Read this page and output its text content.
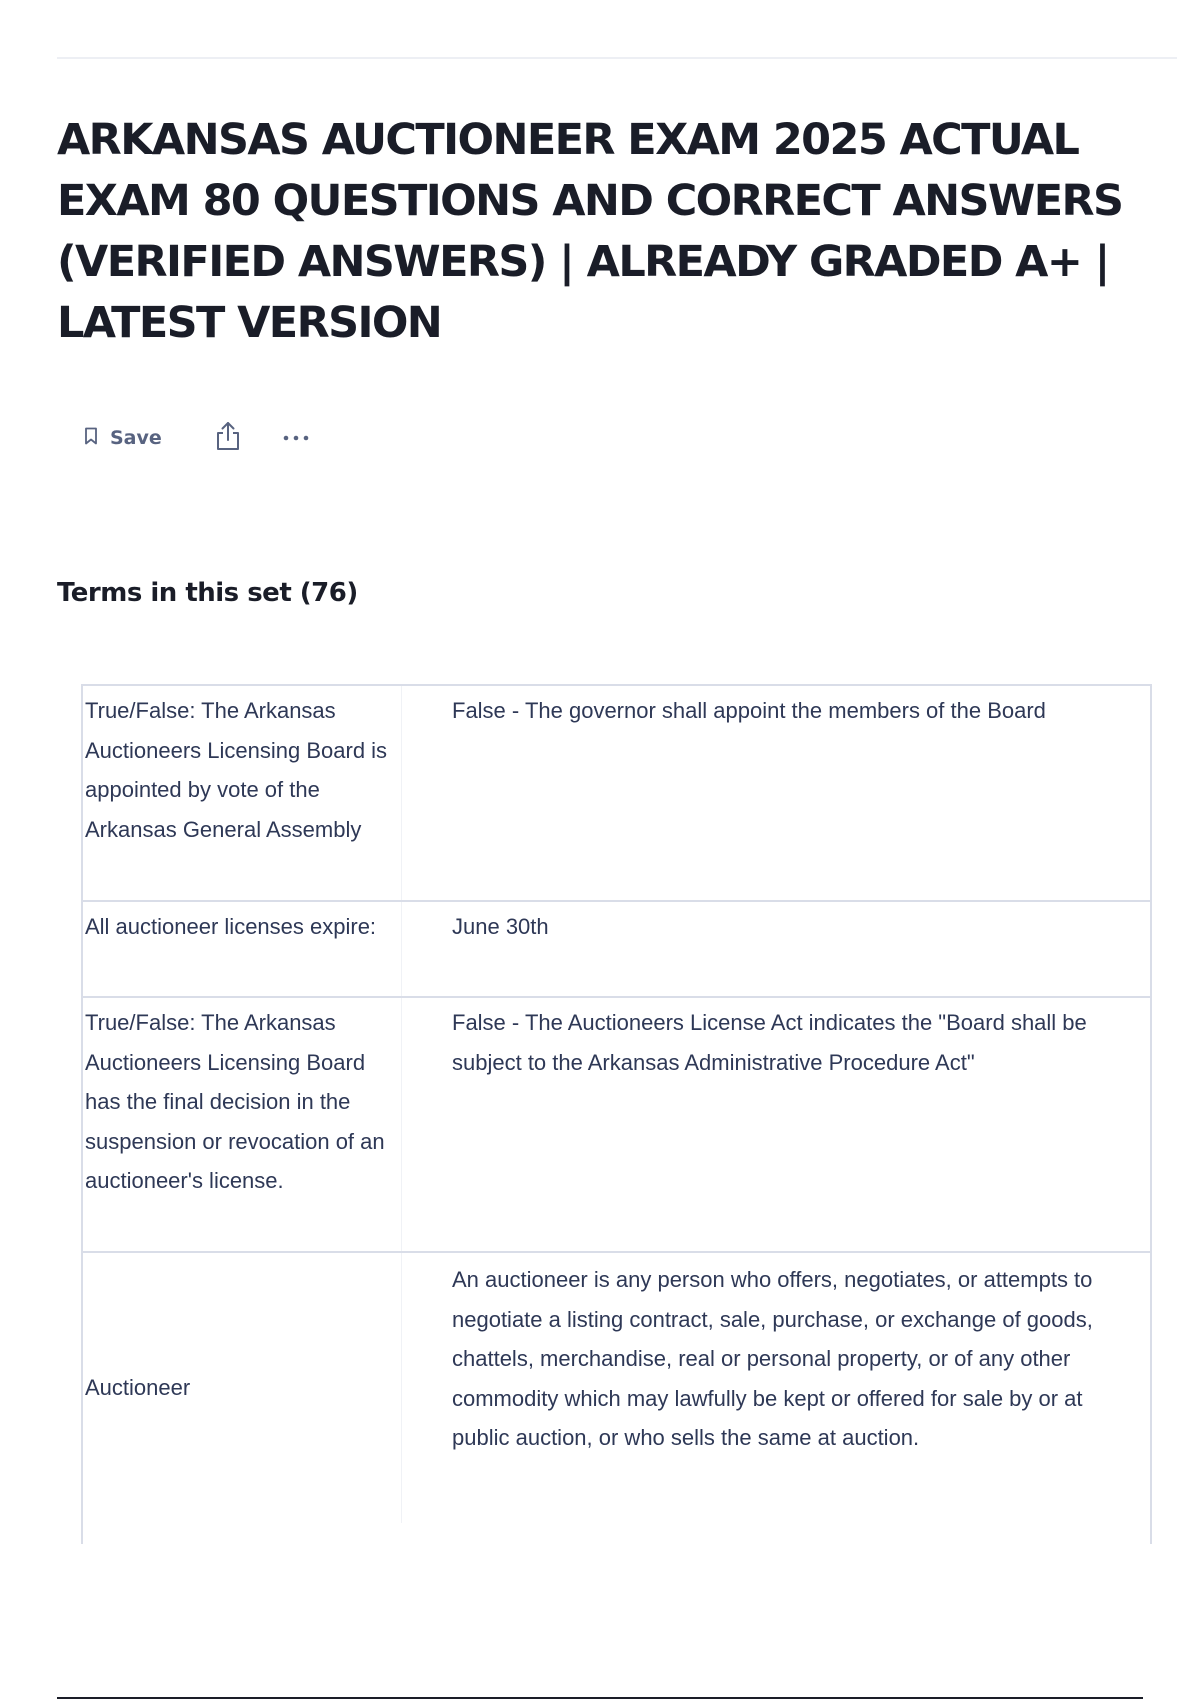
ARKANSAS AUCTIONEER EXAM 2025 ACTUAL EXAM 80 QUESTIONS AND CORRECT ANSWERS (VERIFIED ANSWERS) | ALREADY GRADED A+ | LATEST VERSION
Save
Terms in this set (76)
True/False: The Arkansas Auctioneers Licensing Board is appointed by vote of the Arkansas General Assembly
False - The governor shall appoint the members of the Board
All auctioneer licenses expire:	June 30th
True/False: The Arkansas Auctioneers Licensing Board has the final decision in the suspension or revocation of an auctioneer's license.
False - The Auctioneers License Act indicates the "Board shall be subject to the Arkansas Administrative Procedure Act"
Auctioneer
An auctioneer is any person who offers, negotiates, or attempts to negotiate a listing contract, sale, purchase, or exchange of goods, chattels, merchandise, real or personal property, or of any other commodity which may lawfully be kept or offered for sale by or at public auction, or who sells the same at auction.
